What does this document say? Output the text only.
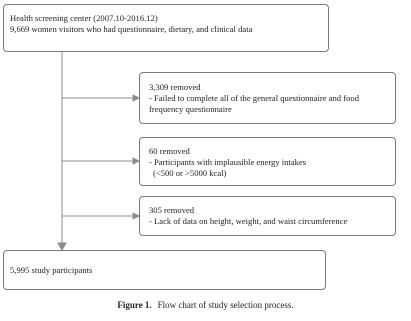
Health screening center (2007.10-2016.12)
9,669 women visitors who had questionnaire, dietary, and clinical data
3,309 removed
- Failed to complete all of the general questionnaire and food
frequency questionnaire
60 removed
- Participants with implausible energy intakes
(<500 or >5000 kcal)
305 removed
- Lack of data on height, weight, and waist circumference
5,995 study participants
Figure 1. Flow chart of study selection process.
